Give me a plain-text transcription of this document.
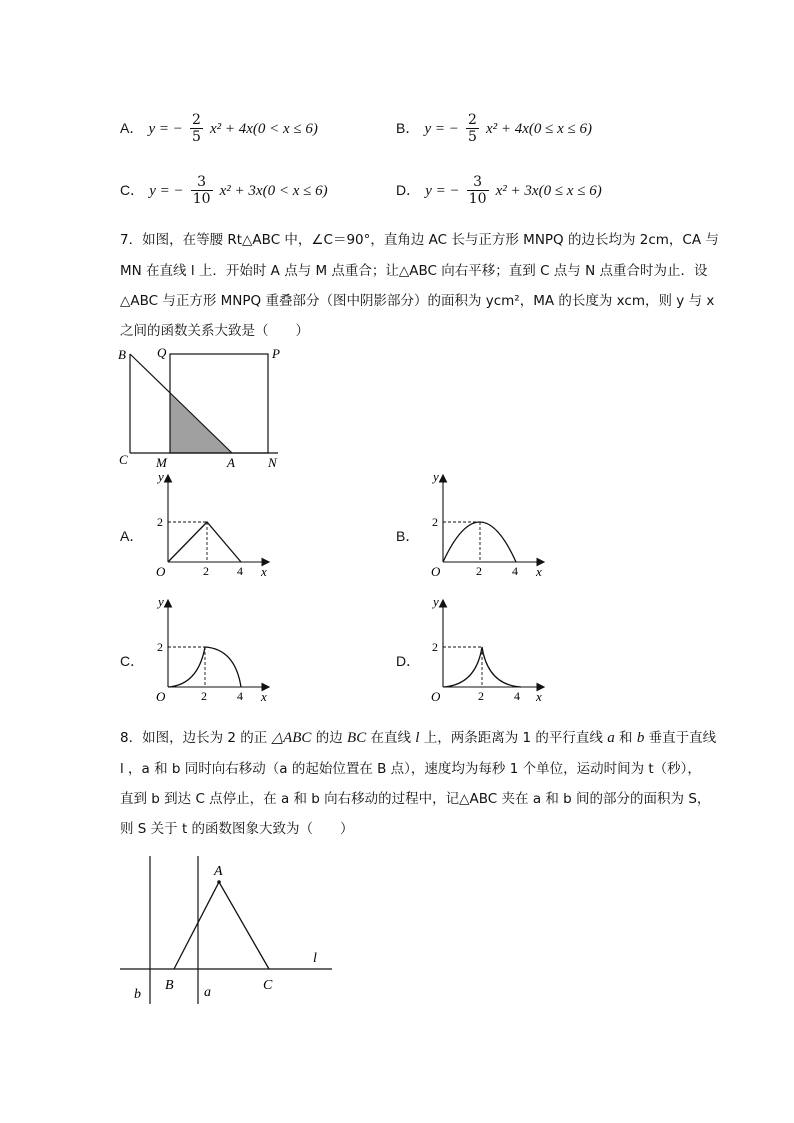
A． y = − $\frac{2}{5} x^2 + 4x(0 < x \le 6)$	B． y = − $\frac{2}{5} x^2 + 4x(0 \le x \le 6)$
C． y = − $\frac{3}{10} x^2 + 3x(0 < x \le 6)$	D． y = − $\frac{3}{10} x^2 + 3x(0 \le x \le 6)$
7．如图，在等腰 Rt△ABC 中，∠C＝90°，直角边 AC 长与正方形 MNPQ 的边长均为 2cm，CA 与
MN 在直线 l 上．开始时 A 点与 M 点重合；让△ABC 向右平移；直到 C 点与 N 点重合时为止．设
△ABC 与正方形 MNPQ 重叠部分（图中阴影部分）的面积为 ycm²，MA 的长度为 xcm，则 y 与 x
之间的函数关系大致是（　　）
B Q	P
C M	A	N
A．	B．
C．	D．
y
x
O
2
2 4
y
x
O
2
2	4
y
x
O
2
2	4
y
x
O
2
2	4
8．如图，边长为 2 的正 △ABC 的边 BC 在直线 l 上，两条距离为 1 的平行直线 a 和 b 垂直于直线
l ，a 和 b 同时向右移动（a 的起始位置在 B 点），速度均为每秒 1 个单位，运动时间为 t（秒），
直到 b 到达 C 点停止，在 a 和 b 向右移动的过程中，记△ABC 夹在 a 和 b 间的部分的面积为 S，
则 S 关于 t 的函数图象大致为（　　）
A
B	C
a
b
l
